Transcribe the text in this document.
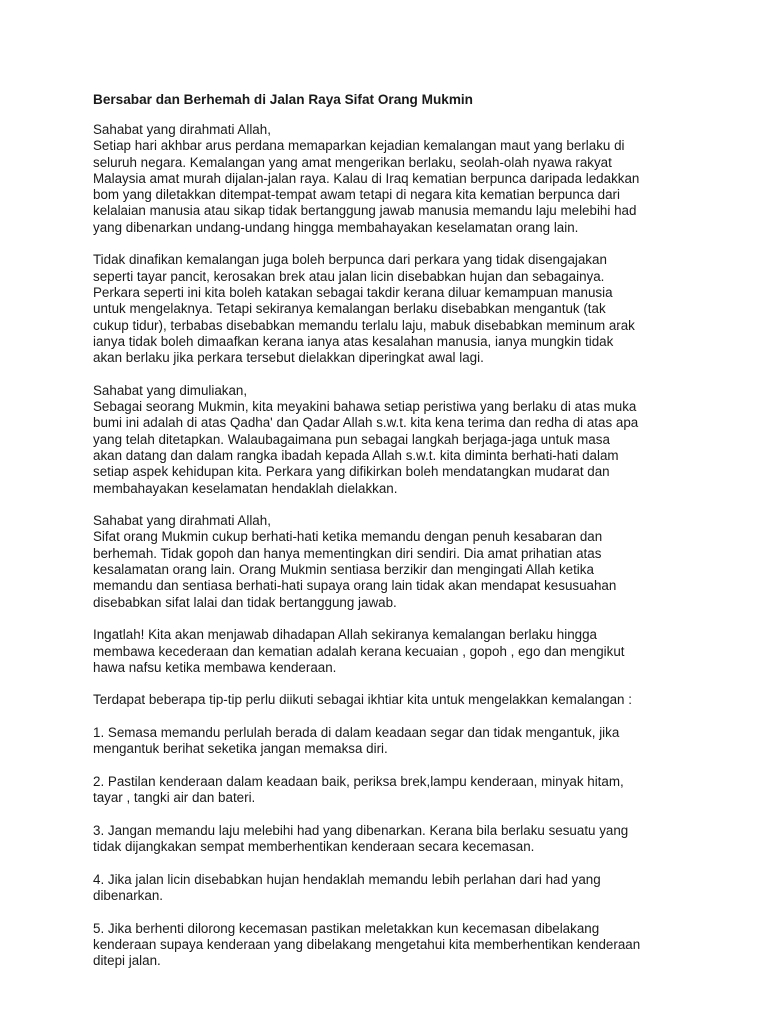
Bersabar dan Berhemah di Jalan Raya Sifat Orang Mukmin
Sahabat yang dirahmati Allah,
Setiap hari akhbar arus perdana memaparkan kejadian kemalangan maut yang berlaku di
seluruh negara. Kemalangan yang amat mengerikan berlaku, seolah-olah nyawa rakyat
Malaysia amat murah dijalan-jalan raya. Kalau di Iraq kematian berpunca daripada ledakkan
bom yang diletakkan ditempat-tempat awam tetapi di negara kita kematian berpunca dari
kelalaian manusia atau sikap tidak bertanggung jawab manusia memandu laju melebihi had
yang dibenarkan undang-undang hingga membahayakan keselamatan orang lain.
Tidak dinafikan kemalangan juga boleh berpunca dari perkara yang tidak disengajakan
seperti tayar pancit, kerosakan brek atau jalan licin disebabkan hujan dan sebagainya.
Perkara seperti ini kita boleh katakan sebagai takdir kerana diluar kemampuan manusia
untuk mengelaknya. Tetapi sekiranya kemalangan berlaku disebabkan mengantuk (tak
cukup tidur), terbabas disebabkan memandu terlalu laju, mabuk disebabkan meminum arak
ianya tidak boleh dimaafkan kerana ianya atas kesalahan manusia, ianya mungkin tidak
akan berlaku jika perkara tersebut dielakkan diperingkat awal lagi.
Sahabat yang dimuliakan,
Sebagai seorang Mukmin, kita meyakini bahawa setiap peristiwa yang berlaku di atas muka
bumi ini adalah di atas Qadha' dan Qadar Allah s.w.t. kita kena terima dan redha di atas apa
yang telah ditetapkan. Walaubagaimana pun sebagai langkah berjaga-jaga untuk masa
akan datang dan dalam rangka ibadah kepada Allah s.w.t. kita diminta berhati-hati dalam
setiap aspek kehidupan kita. Perkara yang difikirkan boleh mendatangkan mudarat dan
membahayakan keselamatan hendaklah dielakkan.
Sahabat yang dirahmati Allah,
Sifat orang Mukmin cukup berhati-hati ketika memandu dengan penuh kesabaran dan
berhemah. Tidak gopoh dan hanya mementingkan diri sendiri. Dia amat prihatian atas
kesalamatan orang lain. Orang Mukmin sentiasa berzikir dan mengingati Allah ketika
memandu dan sentiasa berhati-hati supaya orang lain tidak akan mendapat kesusuahan
disebabkan sifat lalai dan tidak bertanggung jawab.
Ingatlah! Kita akan menjawab dihadapan Allah sekiranya kemalangan berlaku hingga
membawa kecederaan dan kematian adalah kerana kecuaian , gopoh , ego dan mengikut
hawa nafsu ketika membawa kenderaan.
Terdapat beberapa tip-tip perlu diikuti sebagai ikhtiar kita untuk mengelakkan kemalangan :
1. Semasa memandu perlulah berada di dalam keadaan segar dan tidak mengantuk, jika
mengantuk berihat seketika jangan memaksa diri.
2. Pastilan kenderaan dalam keadaan baik, periksa brek,lampu kenderaan, minyak hitam,
tayar , tangki air dan bateri.
3. Jangan memandu laju melebihi had yang dibenarkan. Kerana bila berlaku sesuatu yang
tidak dijangkakan sempat memberhentikan kenderaan secara kecemasan.
4. Jika jalan licin disebabkan hujan hendaklah memandu lebih perlahan dari had yang
dibenarkan.
5. Jika berhenti dilorong kecemasan pastikan meletakkan kun kecemasan dibelakang
kenderaan supaya kenderaan yang dibelakang mengetahui kita memberhentikan kenderaan
ditepi jalan.
